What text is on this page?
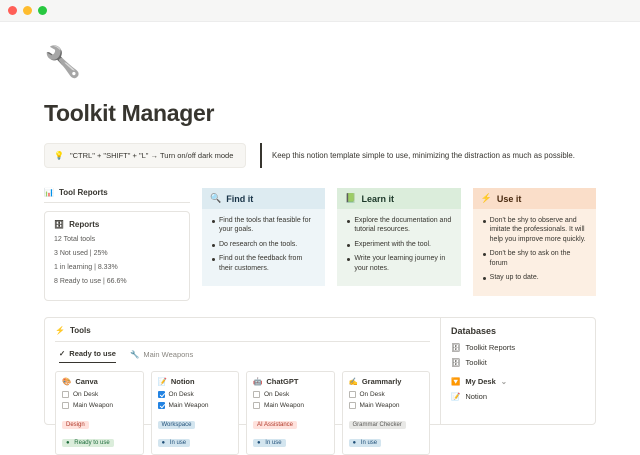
🔧
Toolkit Manager
💡 "CTRL" + "SHIFT" + "L" → Turn on/off dark mode	Keep this notion template simple to use, minimizing the distraction as much as possible.
📊 Tool Reports
🗄 Reports
12 Total tools
3 Not used | 25%
1 in learning | 8.33%
8 Ready to use | 66.6%
🔍 Find it
Find the tools that feasible for your goals.
Do research on the tools.
Find out the feedback from their customers.
📗 Learn it
Explore the documentation and tutorial resources.
Experiment with the tool.
Write your learning journey in your notes.
⚡ Use it
Don't be shy to observe and imitate the professionals. It will help you improve more quickly.
Don't be shy to ask on the forum
Stay up to date.
⚡ Tools
✓ Ready to use 🔧 Main Weapons
🎨 Canva
On Desk
Main Weapon
Design
● Ready to use
📝 Notion
On Desk
Main Weapon
Workspace
● In use
🤖 ChatGPT
On Desk
Main Weapon
AI Assistance
● In use
✍ Grammarly
On Desk
Main Weapon
Grammar Checker
● In use
Databases
🗄 Toolkit Reports
🗄 Toolkit
🔽 My Desk ⌄
📝 Notion
